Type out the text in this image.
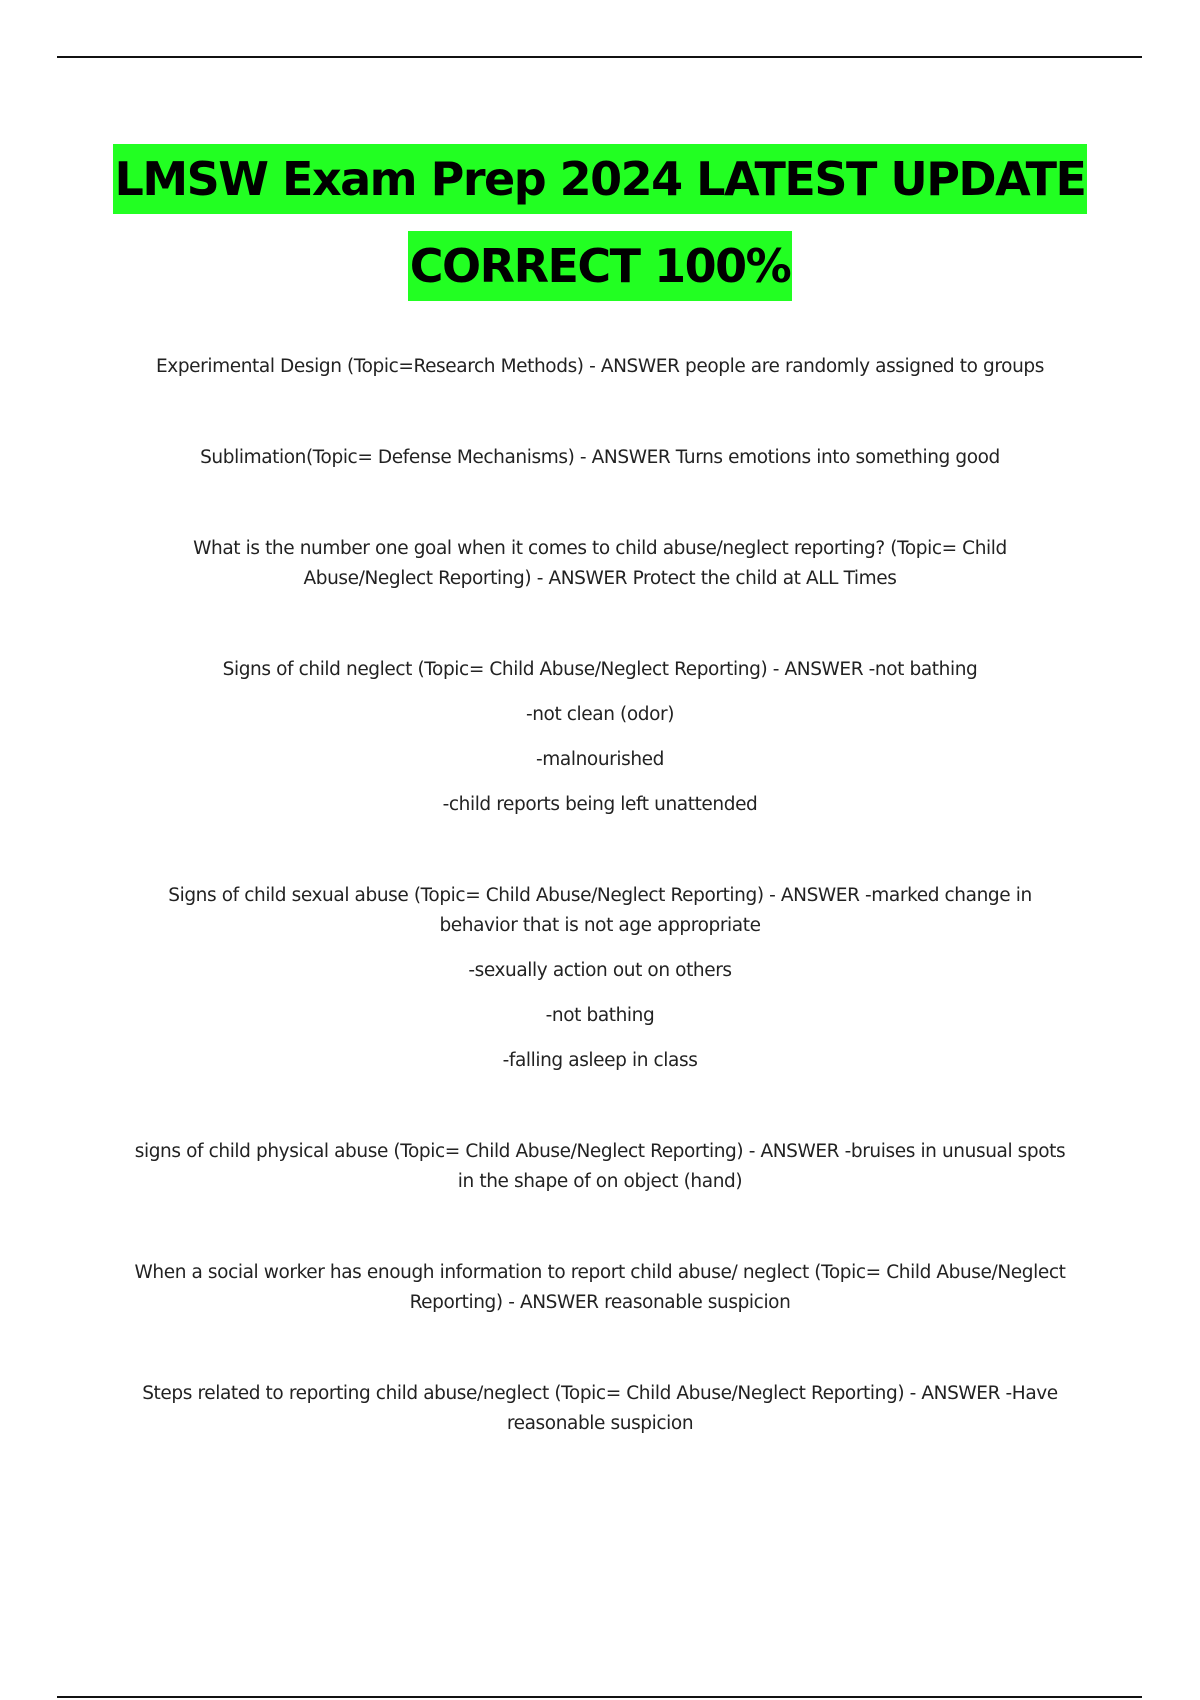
LMSW Exam Prep 2024 LATEST UPDATE
CORRECT 100%

Experimental Design (Topic=Research Methods) - ANSWER people are randomly assigned to groups

Sublimation(Topic= Defense Mechanisms) - ANSWER Turns emotions into something good

What is the number one goal when it comes to child abuse/neglect reporting? (Topic= Child Abuse/Neglect Reporting) - ANSWER Protect the child at ALL Times

Signs of child neglect (Topic= Child Abuse/Neglect Reporting) - ANSWER -not bathing

-not clean (odor)

-malnourished

-child reports being left unattended

Signs of child sexual abuse (Topic= Child Abuse/Neglect Reporting) - ANSWER -marked change in behavior that is not age appropriate

-sexually action out on others

-not bathing

-falling asleep in class

signs of child physical abuse (Topic= Child Abuse/Neglect Reporting) - ANSWER -bruises in unusual spots in the shape of on object (hand)

When a social worker has enough information to report child abuse/ neglect (Topic= Child Abuse/Neglect Reporting) - ANSWER reasonable suspicion

Steps related to reporting child abuse/neglect (Topic= Child Abuse/Neglect Reporting) - ANSWER -Have reasonable suspicion
